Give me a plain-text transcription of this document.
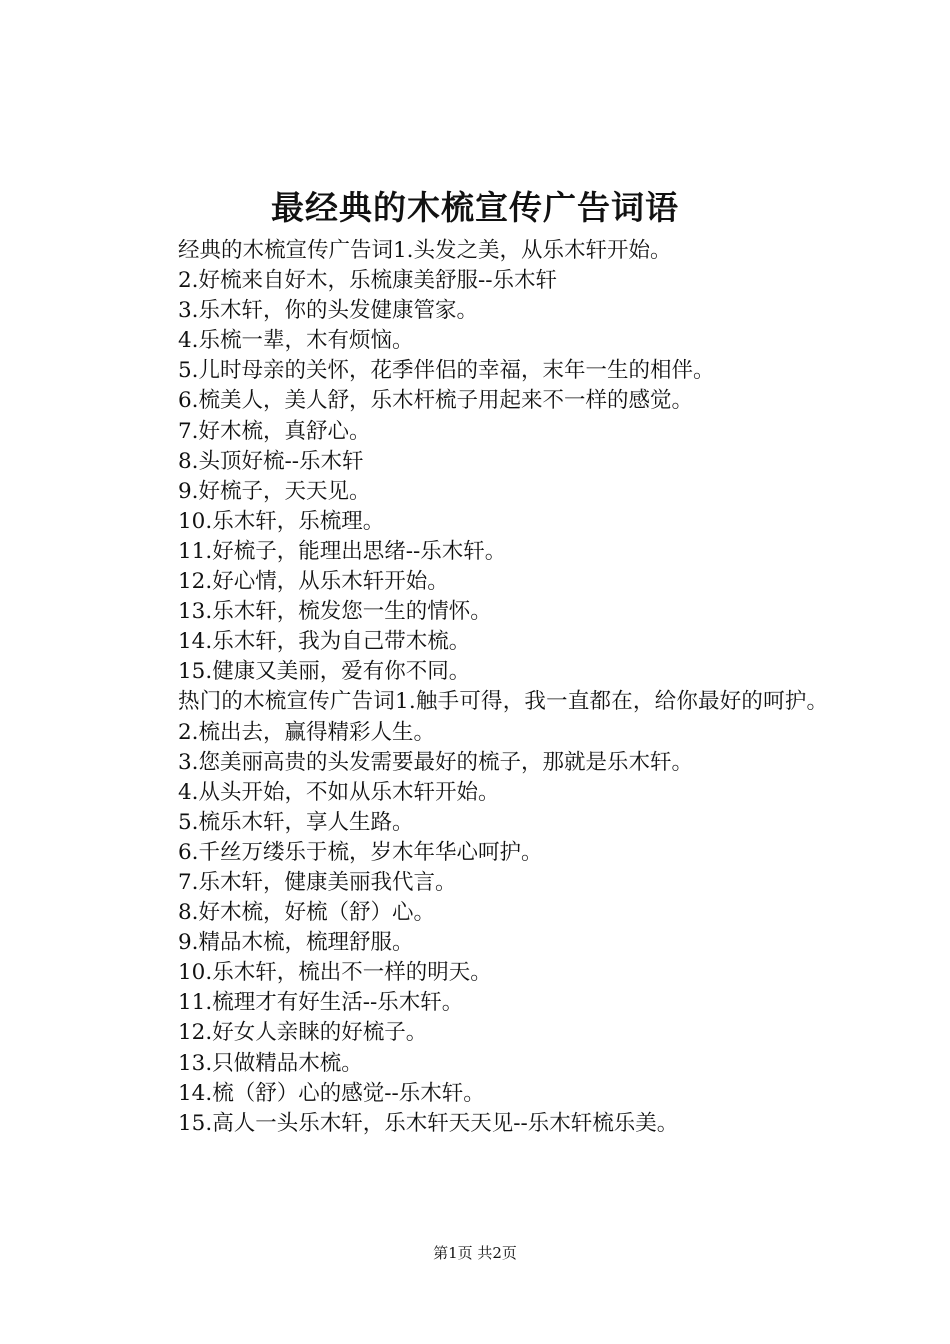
最经典的木梳宣传广告词语

经典的木梳宣传广告词1.头发之美，从乐木轩开始。

2.好梳来自好木，乐梳康美舒服--乐木轩

3.乐木轩，你的头发健康管家。

4.乐梳一辈，木有烦恼。

5.儿时母亲的关怀，花季伴侣的幸福，末年一生的相伴。

6.梳美人，美人舒，乐木杆梳子用起来不一样的感觉。

7.好木梳，真舒心。

8.头顶好梳--乐木轩

9.好梳子，天天见。

10.乐木轩，乐梳理。

11.好梳子，能理出思绪--乐木轩。

12.好心情，从乐木轩开始。

13.乐木轩，梳发您一生的情怀。

14.乐木轩，我为自己带木梳。

15.健康又美丽，爱有你不同。

热门的木梳宣传广告词1.触手可得，我一直都在，给你最好的呵护。

2.梳出去，赢得精彩人生。

3.您美丽高贵的头发需要最好的梳子，那就是乐木轩。

4.从头开始，不如从乐木轩开始。

5.梳乐木轩，享人生路。

6.千丝万缕乐于梳，岁木年华心呵护。

7.乐木轩，健康美丽我代言。

8.好木梳，好梳（舒）心。

9.精品木梳，梳理舒服。

10.乐木轩，梳出不一样的明天。

11.梳理才有好生活--乐木轩。

12.好女人亲睐的好梳子。

13.只做精品木梳。

14.梳（舒）心的感觉--乐木轩。

15.高人一头乐木轩，乐木轩天天见--乐木轩梳乐美。

第1页 共2页
